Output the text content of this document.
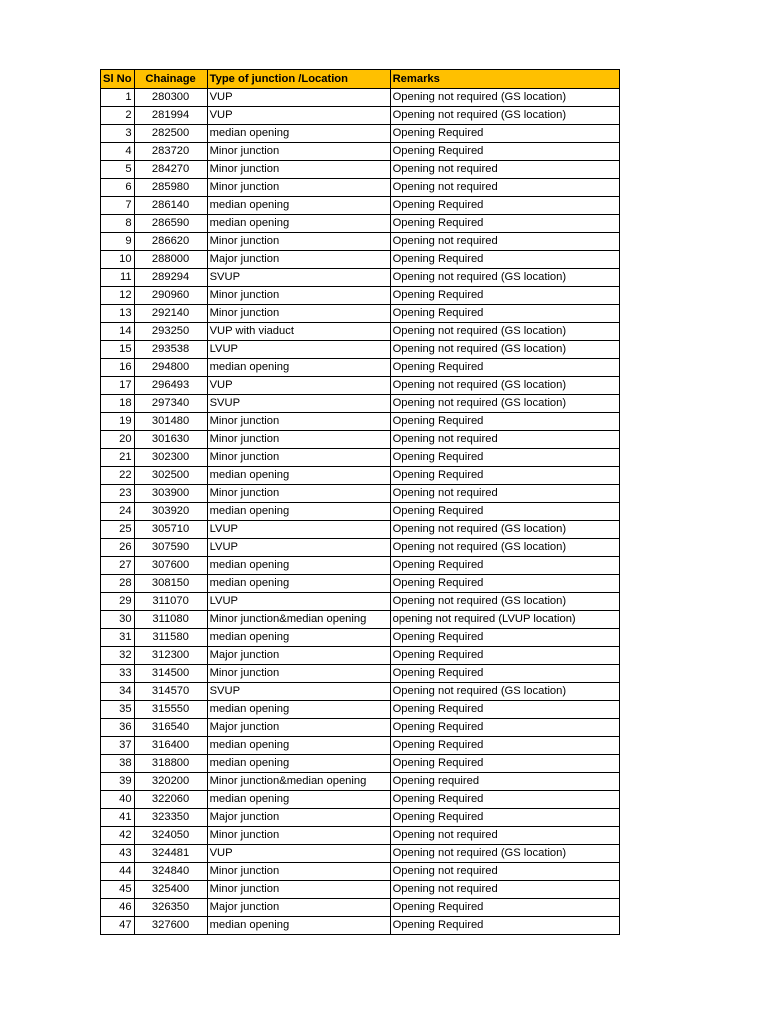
Sl No	Chainage	Type of junction /Location	Remarks
1	280300	VUP	Opening not required (GS location)
2	281994	VUP	Opening not required (GS location)
3	282500	median opening	Opening Required
4	283720	Minor junction	Opening Required
5	284270	Minor junction	Opening not required
6	285980	Minor junction	Opening not required
7	286140	median opening	Opening Required
8	286590	median opening	Opening Required
9	286620	Minor junction	Opening not required
10	288000	Major junction	Opening Required
11	289294	SVUP	Opening not required (GS location)
12	290960	Minor junction	Opening Required
13	292140	Minor junction	Opening Required
14	293250	VUP with viaduct	Opening not required (GS location)
15	293538	LVUP	Opening not required (GS location)
16	294800	median opening	Opening Required
17	296493	VUP	Opening not required (GS location)
18	297340	SVUP	Opening not required (GS location)
19	301480	Minor junction	Opening Required
20	301630	Minor junction	Opening not required
21	302300	Minor junction	Opening Required
22	302500	median opening	Opening Required
23	303900	Minor junction	Opening not required
24	303920	median opening	Opening Required
25	305710	LVUP	Opening not required (GS location)
26	307590	LVUP	Opening not required (GS location)
27	307600	median opening	Opening Required
28	308150	median opening	Opening Required
29	311070	LVUP	Opening not required (GS location)
30	311080	Minor junction&median opening	opening not required (LVUP location)
31	311580	median opening	Opening Required
32	312300	Major junction	Opening Required
33	314500	Minor junction	Opening Required
34	314570	SVUP	Opening not required (GS location)
35	315550	median opening	Opening Required
36	316540	Major junction	Opening Required
37	316400	median opening	Opening Required
38	318800	median opening	Opening Required
39	320200	Minor junction&median opening	Opening required
40	322060	median opening	Opening Required
41	323350	Major junction	Opening Required
42	324050	Minor junction	Opening not required
43	324481	VUP	Opening not required (GS location)
44	324840	Minor junction	Opening not required
45	325400	Minor junction	Opening not required
46	326350	Major junction	Opening Required
47	327600	median opening	Opening Required
